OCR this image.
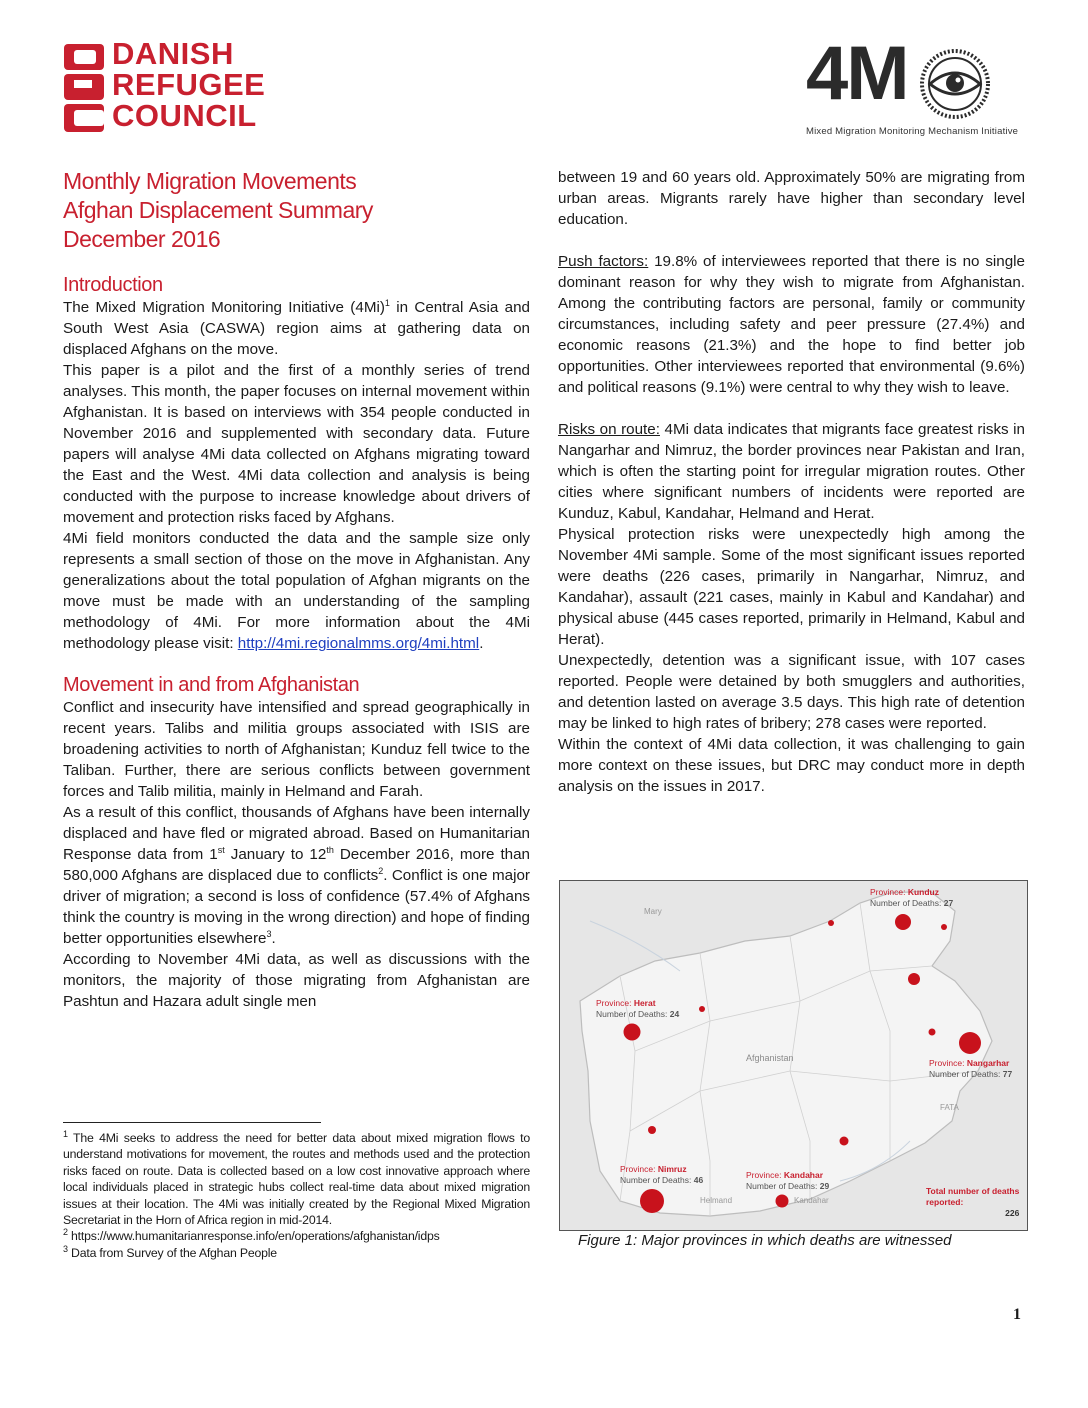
DANISH
REFUGEE
COUNCIL	4M
Mixed Migration Monitoring Mechanism Initiative
Monthly Migration Movements
Afghan Displacement Summary
December 2016
Introduction

The Mixed Migration Monitoring Initiative $(4Mi)^1$ in Central Asia and South West Asia (CASWA) region aims at gathering data on displaced Afghans on the move.

This paper is a pilot and the first of a monthly series of trend analyses. This month, the paper focuses on internal movement within Afghanistan. It is based on interviews with 354 people conducted in November 2016 and supplemented with secondary data. Future papers will analyse 4Mi data collected on Afghans migrating toward the East and the West. 4Mi data collection and analysis is being conducted with the purpose to increase knowledge about drivers of movement and protection risks faced by Afghans.

4Mi field monitors conducted the data and the sample size only represents a small section of those on the move in Afghanistan. Any generalizations about the total population of Afghan migrants on the move must be made with an understanding of the sampling methodology of 4Mi. For more information about the 4Mi methodology please visit: http://4mi.regionalmms.org/4mi.html.

Movement in and from Afghanistan

Conflict and insecurity have intensified and spread geographically in recent years. Talibs and militia groups associated with ISIS are broadening activities to north of Afghanistan; Kunduz fell twice to the Taliban. Further, there are serious conflicts between government forces and Talib militia, mainly in Helmand and Farah.

As a result of this conflict, thousands of Afghans have been internally displaced and have fled or migrated abroad. Based on Humanitarian Response data from 1st January to 12th December 2016, more than 580,000 Afghans are displaced due to conflicts$^2$. Conflict is one major driver of migration; a second is loss of confidence (57.4% of Afghans think the country is moving in the wrong direction) and hope of finding better opportunities elsewhere$^3$.

According to November 4Mi data, as well as discussions with the monitors, the majority of those migrating from Afghanistan are Pashtun and Hazara adult single men

$^1$ The 4Mi seeks to address the need for better data about mixed migration flows to understand motivations for movement, the routes and methods used and the protection risks faced on route. Data is collected based on a low cost innovative approach where local individuals placed in strategic hubs collect real-time data about mixed migration issues at their location. The 4Mi was initially created by the Regional Mixed Migration Secretariat in the Horn of Africa region in mid-2014.

$^2$ https://www.humanitarianresponse.info/en/operations/afghanistan/idps

$^3$ Data from Survey of the Afghan People

between 19 and 60 years old. Approximately 50% are migrating from urban areas. Migrants rarely have higher than secondary level education.

Push factors: 19.8% of interviewees reported that there is no single dominant reason for why they wish to migrate from Afghanistan. Among the contributing factors are personal, family or community circumstances, including safety and peer pressure (27.4%) and economic reasons (21.3%) and the hope to find better job opportunities. Other interviewees reported that environmental (9.6%) and political reasons (9.1%) were central to why they wish to leave.

Risks on route: 4Mi data indicates that migrants face greatest risks in Nangarhar and Nimruz, the border provinces near Pakistan and Iran, which is often the starting point for irregular migration routes. Other cities where significant numbers of incidents were reported are Kunduz, Kabul, Kandahar, Helmand and Herat.

Physical protection risks were unexpectedly high among the November 4Mi sample. Some of the most significant issues reported were deaths (226 cases, primarily in Nangarhar, Nimruz, and Kandahar), assault (221 cases, mainly in Kabul and Kandahar) and physical abuse (445 cases reported, primarily in Helmand, Kabul and Herat).

Unexpectedly, detention was a significant issue, with 107 cases reported. People were detained by both smugglers and authorities, and detention lasted on average 3.5 days. This high rate of detention may be linked to high rates of bribery; 278 cases were reported.

Within the context of 4Mi data collection, it was challenging to gain more context on these issues, but DRC may conduct more in depth analysis on the issues in 2017.

Mary
Afghanistan
FATA
Helmand	Kandahar
Province: Kunduz
Number of Deaths: 27
Province: Herat
Number of Deaths: 24
Province: Nangarhar
Number of Deaths: 77
Province: Nimruz
Number of Deaths: 46	Province: Kandahar
Number of Deaths: 29
Total number of deaths
reported:
226
Figure 1: Major provinces in which deaths are witnessed
1
